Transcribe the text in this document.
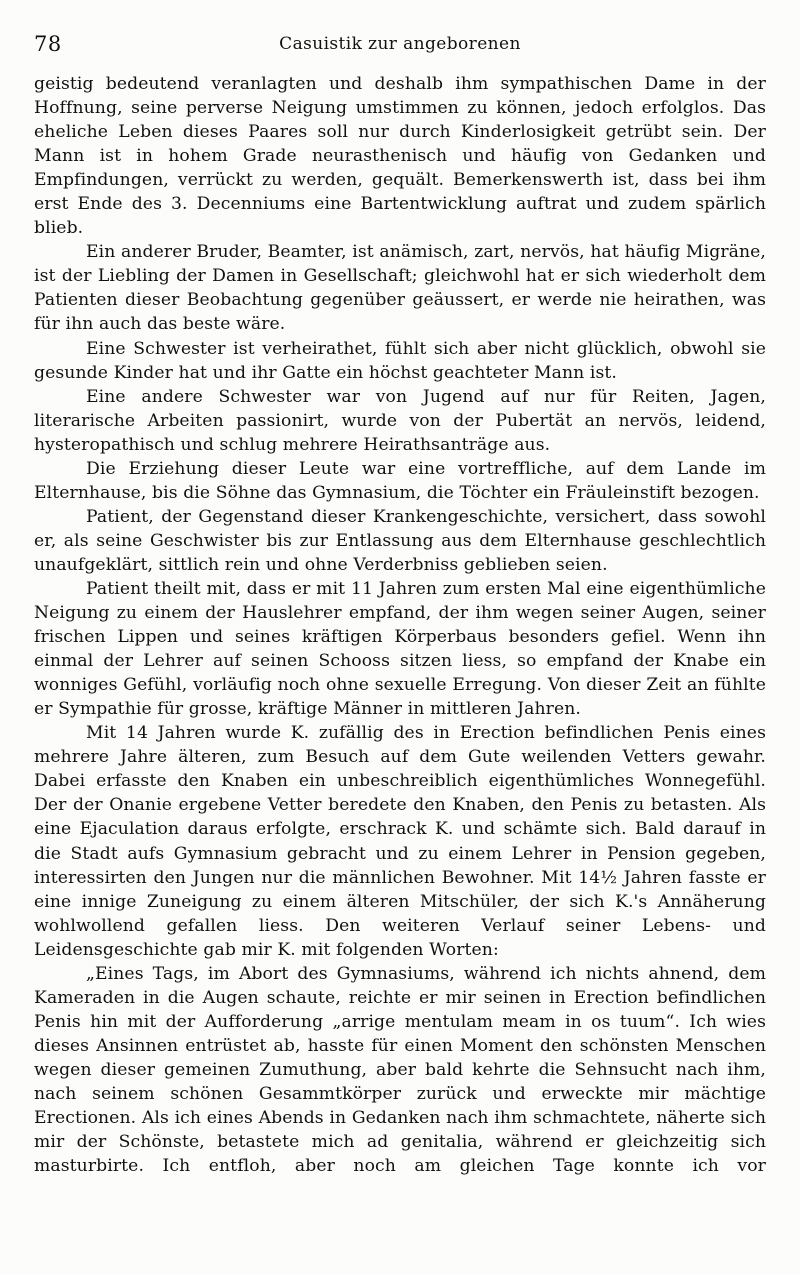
78	Casuistik zur angeborenen

geistig bedeutend veranlagten und deshalb ihm sympathischen Dame in der Hoffnung, seine perverse Neigung umstimmen zu können, jedoch erfolglos. Das eheliche Leben dieses Paares soll nur durch Kinderlosigkeit getrübt sein. Der Mann ist in hohem Grade neurasthenisch und häufig von Gedanken und Empfindungen, verrückt zu werden, gequält. Bemerkenswerth ist, dass bei ihm erst Ende des 3. Decenniums eine Bartentwicklung auftrat und zudem spärlich blieb.

Ein anderer Bruder, Beamter, ist anämisch, zart, nervös, hat häufig Migräne, ist der Liebling der Damen in Gesellschaft; gleichwohl hat er sich wiederholt dem Patienten dieser Beobachtung gegenüber geäussert, er werde nie heirathen, was für ihn auch das beste wäre.

Eine Schwester ist verheirathet, fühlt sich aber nicht glücklich, obwohl sie gesunde Kinder hat und ihr Gatte ein höchst geachteter Mann ist.

Eine andere Schwester war von Jugend auf nur für Reiten, Jagen, literarische Arbeiten passionirt, wurde von der Pubertät an nervös, leidend, hysteropathisch und schlug mehrere Heirathsanträge aus.

Die Erziehung dieser Leute war eine vortreffliche, auf dem Lande im Elternhause, bis die Söhne das Gymnasium, die Töchter ein Fräuleinstift bezogen.

Patient, der Gegenstand dieser Krankengeschichte, versichert, dass sowohl er, als seine Geschwister bis zur Entlassung aus dem Elternhause geschlechtlich unaufgeklärt, sittlich rein und ohne Verderbniss geblieben seien.

Patient theilt mit, dass er mit 11 Jahren zum ersten Mal eine eigenthümliche Neigung zu einem der Hauslehrer empfand, der ihm wegen seiner Augen, seiner frischen Lippen und seines kräftigen Körperbaus besonders gefiel. Wenn ihn einmal der Lehrer auf seinen Schooss sitzen liess, so empfand der Knabe ein wonniges Gefühl, vorläufig noch ohne sexuelle Erregung. Von dieser Zeit an fühlte er Sympathie für grosse, kräftige Männer in mittleren Jahren.

Mit 14 Jahren wurde K. zufällig des in Erection befindlichen Penis eines mehrere Jahre älteren, zum Besuch auf dem Gute weilenden Vetters gewahr. Dabei erfasste den Knaben ein unbeschreiblich eigenthümliches Wonnegefühl. Der der Onanie ergebene Vetter beredete den Knaben, den Penis zu betasten. Als eine Ejaculation daraus erfolgte, erschrack K. und schämte sich. Bald darauf in die Stadt aufs Gymnasium gebracht und zu einem Lehrer in Pension gegeben, interessirten den Jungen nur die männlichen Bewohner. Mit 14½ Jahren fasste er eine innige Zuneigung zu einem älteren Mitschüler, der sich K.'s Annäherung wohlwollend gefallen liess. Den weiteren Verlauf seiner Lebens- und Leidensgeschichte gab mir K. mit folgenden Worten:

„Eines Tags, im Abort des Gymnasiums, während ich nichts ahnend, dem Kameraden in die Augen schaute, reichte er mir seinen in Erection befindlichen Penis hin mit der Aufforderung „arrige mentulam meam in os tuum“. Ich wies dieses Ansinnen entrüstet ab, hasste für einen Moment den schönsten Menschen wegen dieser gemeinen Zumuthung, aber bald kehrte die Sehnsucht nach ihm, nach seinem schönen Gesammtkörper zurück und erweckte mir mächtige Erectionen. Als ich eines Abends in Gedanken nach ihm schmachtete, näherte sich mir der Schönste, betastete mich ad genitalia, während er gleichzeitig sich masturbirte. Ich entfloh, aber noch am gleichen Tage konnte ich vor
